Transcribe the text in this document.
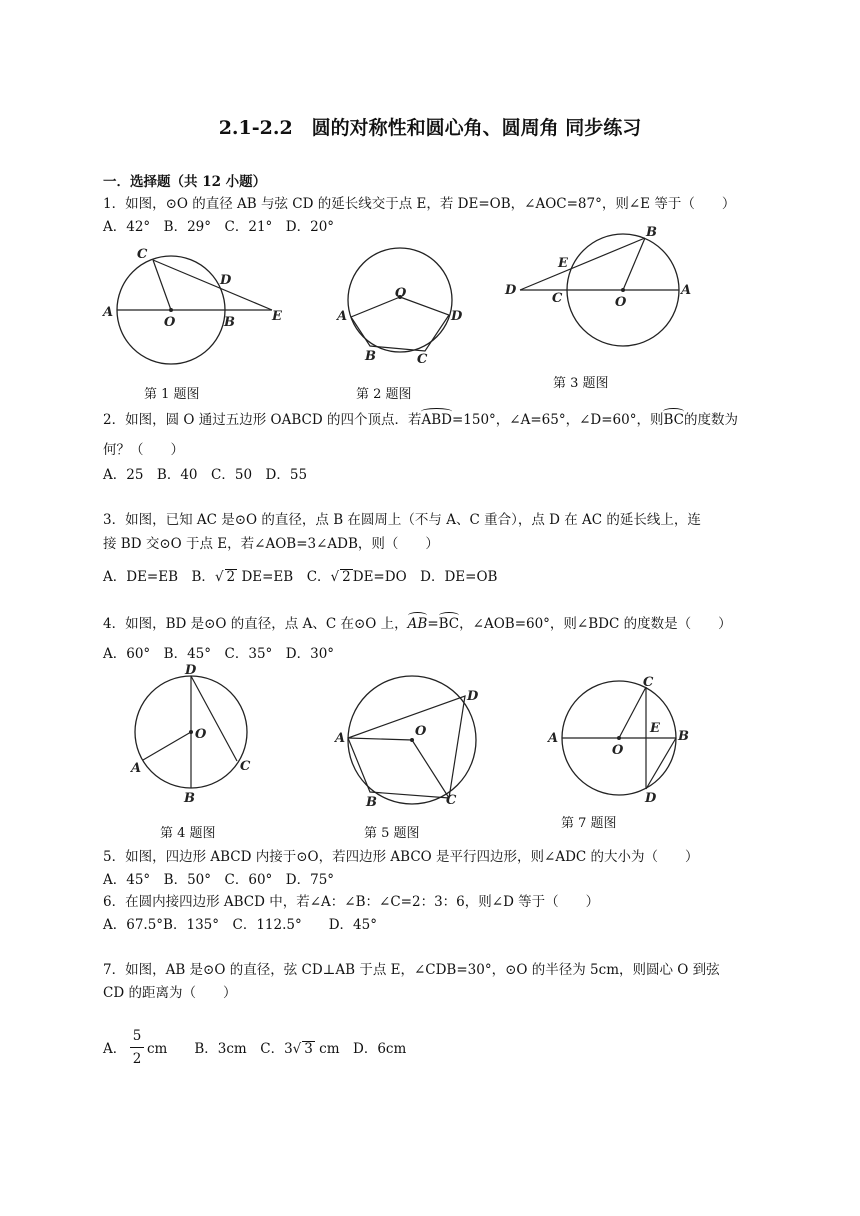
2.1-2.2　圆的对称性和圆心角、圆周角 同步练习
一．选择题（共 12 小题）
1．如图，⊙O 的直径 AB 与弦 CD 的延长线交于点 E，若 DE=OB，∠AOC=87°，则∠E 等于（　　）
A．42°　B．29°　C．21°　D．20°
A
B
C
D
E
O
第 1 题图
O
A
B	C
D
第 2 题图
D
C
E
B
A
O
第 3 题图
2．如图，圆 O 通过五边形 OABCD 的四个顶点．若ABD=150°，∠A=65°，∠D=60°，则BC的度数为
何？（　　）
A．25　B．40　C．50　D．55
3．如图，已知 AC 是⊙O 的直径，点 B 在圆周上（不与 A、C 重合），点 D 在 AC 的延长线上，连
接 BD 交⊙O 于点 E，若∠AOB=3∠ADB，则（　　）
A．DE=EB　B．√ 2 DE=EB　C．√ 2 DE=DO　D．DE=OB
4．如图，BD 是⊙O 的直径，点 A、C 在⊙O 上，AB=BC，∠AOB=60°，则∠BDC 的度数是（　　）
A．60°　B．45°　C．35°　D．30°
D
O
A	C
B
第 4 题图
A	O
D
B	C
第 5 题图
A
O
C
E
B
D
第 7 题图
5．如图，四边形 ABCD 内接于⊙O，若四边形 ABCO 是平行四边形，则∠ADC 的大小为（　　）
A．45°　B．50°　C．60°　D．75°
6．在圆内接四边形 ABCD 中，若∠A：∠B：∠C=2：3：6，则∠D 等于（　　）
A．67.5°B．135°　C．112.5°　　D．45°
7．如图，AB 是⊙O 的直径，弦 CD⊥AB 于点 E，∠CDB=30°，⊙O 的半径为 5cm，则圆心 O 到弦
CD 的距离为（　　）
A．
5
2
cm　　B．3cm　C．3√ 3 cm　D．6cm
